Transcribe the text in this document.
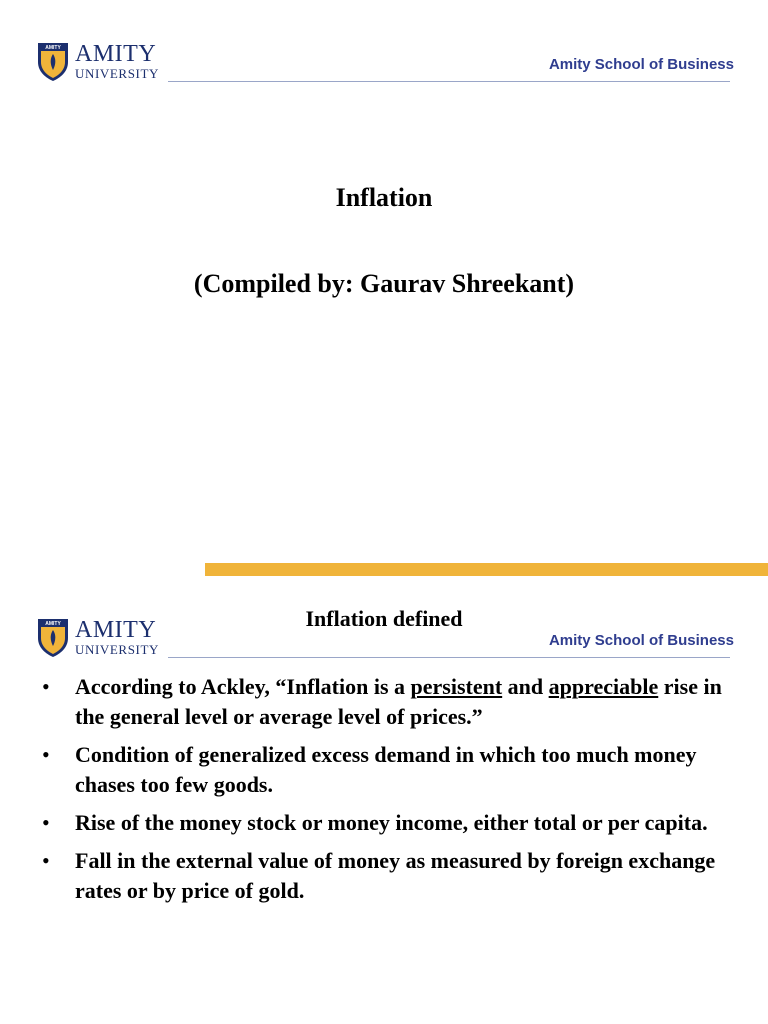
AMITY AMITY
UNIVERSITY
Amity School of Business
Inflation
(Compiled by: Gaurav Shreekant)
AMITY AMITY
UNIVERSITY
Inflation defined
Amity School of Business
• According to Ackley, “Inflation is a persistent and appreciable rise in the general level or average level of prices.”
• Condition of generalized excess demand in which too much money chases too few goods.
• Rise of the money stock or money income, either total or per capita.
• Fall in the external value of money as measured by foreign exchange rates or by price of gold.
